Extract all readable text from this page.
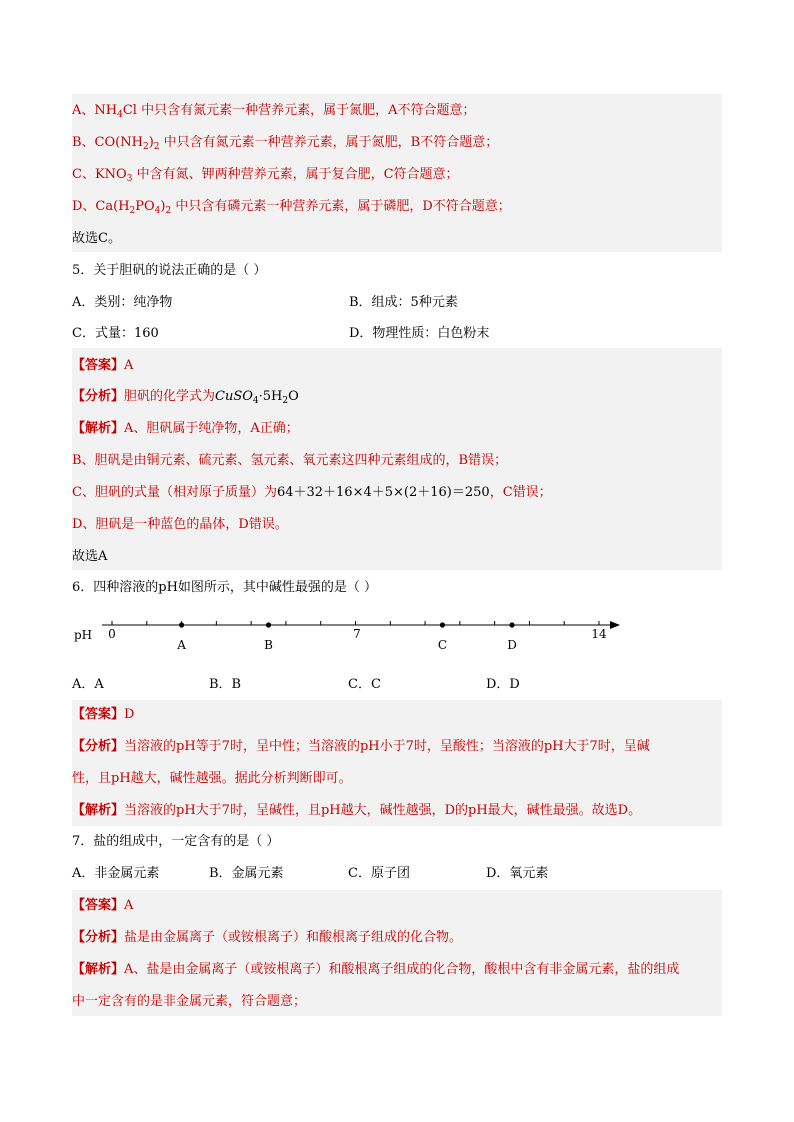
A、$NH_4Cl$ 中只含有氮元素一种营养元素，属于氮肥，A不符合题意；
B、$CO(NH_2)_2$ 中只含有氮元素一种营养元素，属于氮肥，B不符合题意；
C、$KNO_3$ 中含有氮、钾两种营养元素，属于复合肥，C符合题意；
D、$Ca(H_2PO_4)_2$ 中只含有磷元素一种营养元素，属于磷肥，D不符合题意；
故选C。
5．关于胆矾的说法正确的是（ ）
A．类别：纯净物	B．组成：5种元素
C．式量：160	D．物理性质：白色粉末
【答案】A
【分析】胆矾的化学式为$CuSO_4\cdot 5H_2O$
【解析】A、胆矾属于纯净物，A正确；
B、胆矾是由铜元素、硫元素、氢元素、氧元素这四种元素组成的，B错误；
C、胆矾的式量（相对原子质量）为64＋32＋16×4＋5×(2＋16)＝250，C错误；
D、胆矾是一种蓝色的晶体，D错误。
故选A
6．四种溶液的pH如图所示，其中碱性最强的是（ ）
pH 0	7	14
A	B	C	D
A．A	B．B	C．C	D．D
【答案】D
【分析】当溶液的pH等于7时，呈中性；当溶液的pH小于7时，呈酸性；当溶液的pH大于7时，呈碱
性，且pH越大，碱性越强。据此分析判断即可。
【解析】当溶液的pH大于7时，呈碱性，且pH越大，碱性越强，D的pH最大，碱性最强。故选D。
7．盐的组成中，一定含有的是（ ）
A．非金属元素	B．金属元素	C．原子团	D．氧元素
【答案】A
【分析】盐是由金属离子（或铵根离子）和酸根离子组成的化合物。
【解析】A、盐是由金属离子（或铵根离子）和酸根离子组成的化合物，酸根中含有非金属元素，盐的组成
中一定含有的是非金属元素，符合题意；
